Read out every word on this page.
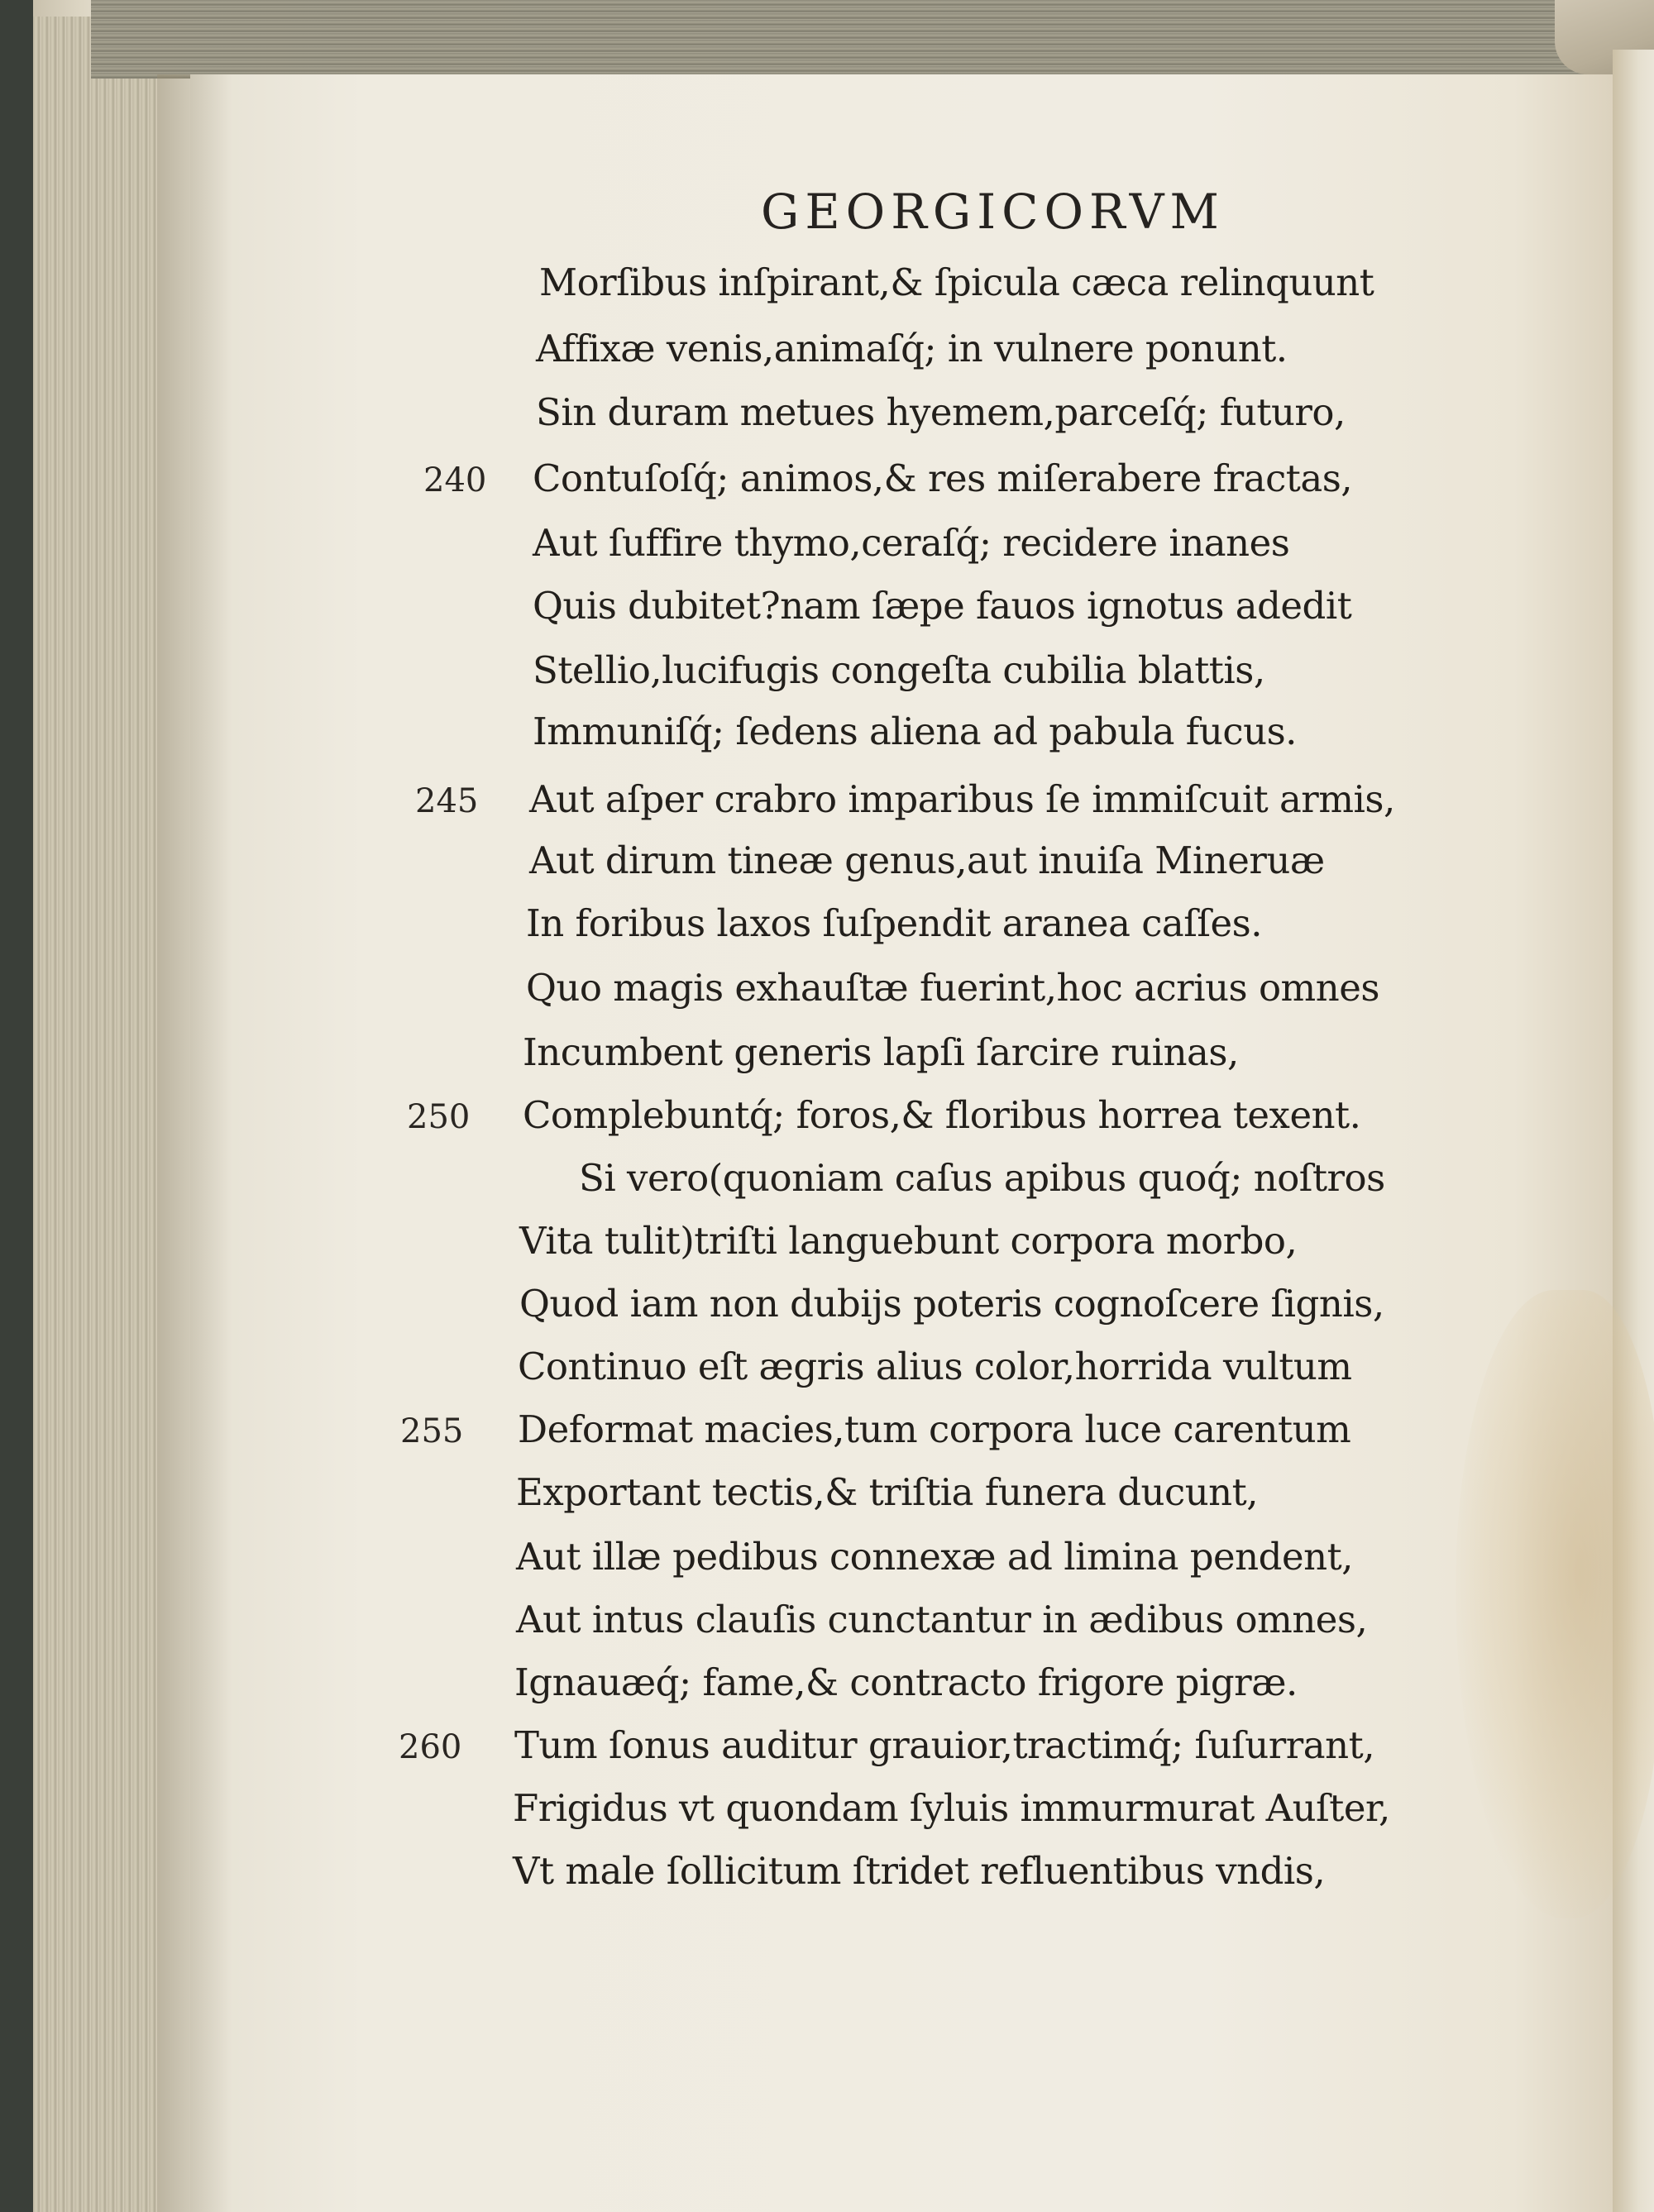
GEORGICORVM
Morſibus inſpirant,& ſpicula cæca relinquunt
Affixæ venis,animaſq́; in vulnere ponunt.
Sin duram metues hyemem,parceſq́; futuro,
Contuſoſq́; animos,& res miſerabere fractas,
Aut ſuffire thymo,ceraſq́; recidere inanes
Quis dubitet?nam ſæpe fauos ignotus adedit
Stellio,lucifugis congeſta cubilia blattis,
Immuniſq́; ſedens aliena ad pabula fucus.
Aut aſper crabro imparibus ſe immiſcuit armis,
Aut dirum tineæ genus,aut inuiſa Mineruæ
In foribus laxos ſuſpendit aranea caſſes.
Quo magis exhauſtæ fuerint,hoc acrius omnes
Incumbent generis lapſi ſarcire ruinas,
Complebuntq́; foros,& floribus horrea texent.
Si vero(quoniam caſus apibus quoq́; noſtros
Vita tulit)triſti languebunt corpora morbo,
Quod iam non dubijs poteris cognoſcere ſignis,
Continuo eſt ægris alius color,horrida vultum
Deformat macies,tum corpora luce carentum
Exportant tectis,& triſtia funera ducunt,
Aut illæ pedibus connexæ ad limina pendent,
Aut intus clauſis cunctantur in ædibus omnes,
Ignauæq́; fame,& contracto frigore pigræ.
Tum ſonus auditur grauior,tractimq́; ſuſurrant,
Frigidus vt quondam ſyluis immurmurat Auſter,
Vt male ſollicitum ſtridet refluentibus vndis,
240
245
250
255
260
